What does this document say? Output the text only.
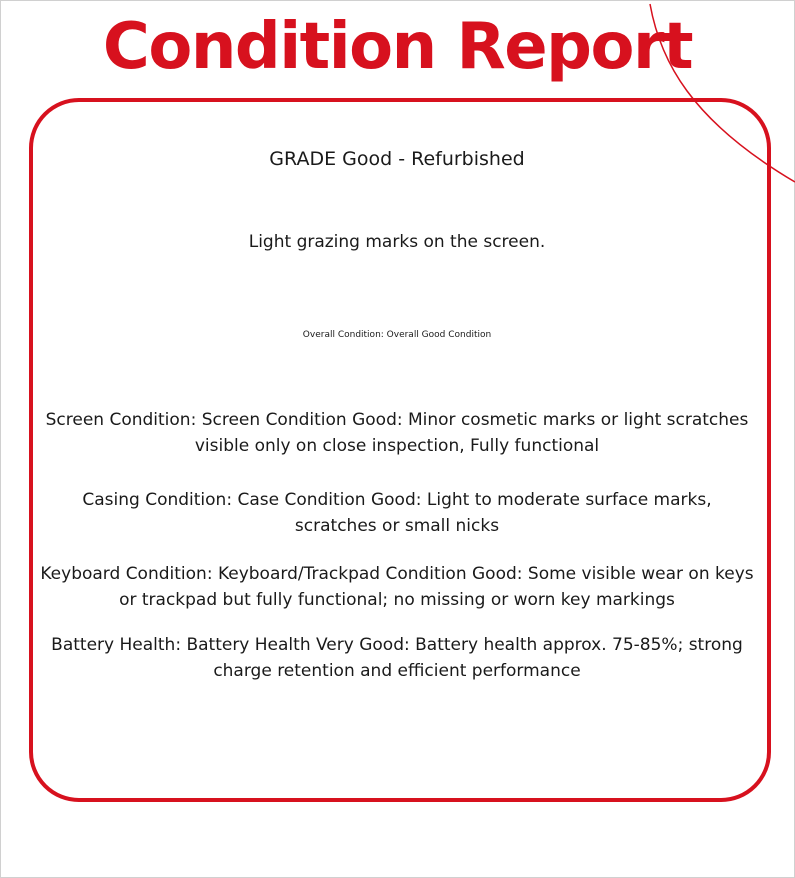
Condition Report

GRADE Good - Refurbished

Light grazing marks on the screen.

Overall Condition: Overall Good Condition

Screen Condition: Screen Condition Good: Minor cosmetic marks or light scratches visible only on close inspection, Fully functional

Casing Condition: Case Condition Good: Light to moderate surface marks, scratches or small nicks

Keyboard Condition: Keyboard/Trackpad Condition Good: Some visible wear on keys or trackpad but fully functional; no missing or worn key markings

Battery Health: Battery Health Very Good: Battery health approx. 75-85%; strong charge retention and efficient performance
